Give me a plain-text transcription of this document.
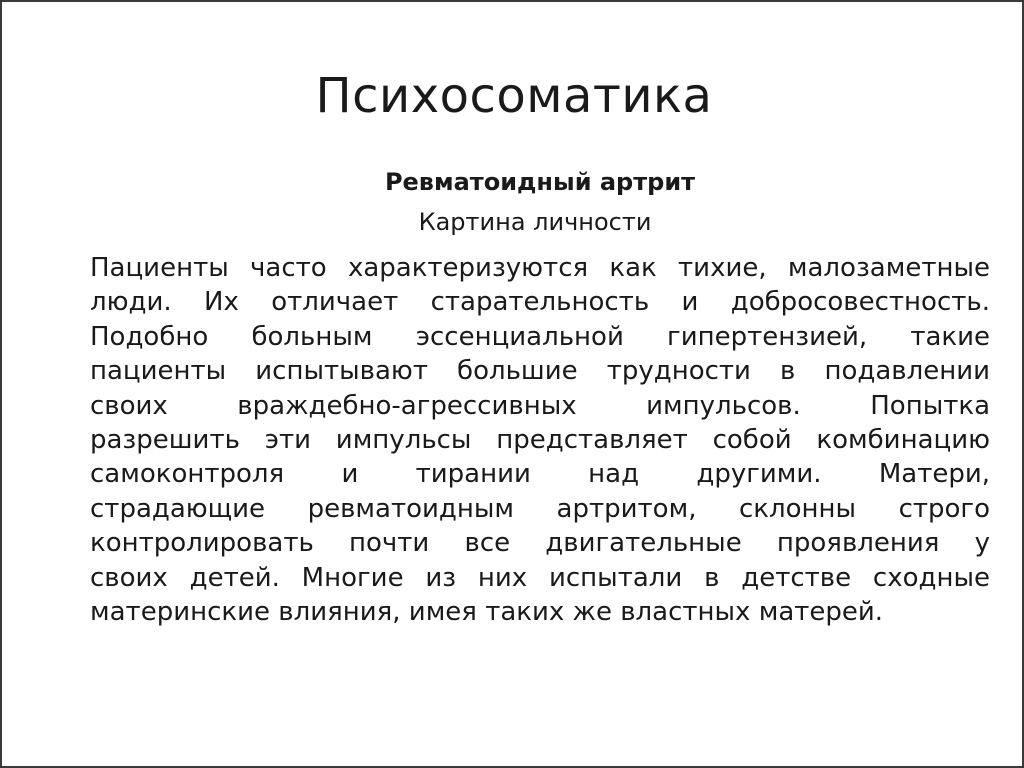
Психосоматика
Ревматоидный артрит
Картина личности
Пациенты часто характеризуются как тихие, малозаметные
люди. Их отличает старательность и добросовестность.
Подобно больным эссенциальной гипертензией, такие
пациенты испытывают большие трудности в подавлении
своих враждебно-агрессивных импульсов. Попытка
разрешить эти импульсы представляет собой комбинацию
самоконтроля и тирании над другими. Матери,
страдающие ревматоидным артритом, склонны строго
контролировать почти все двигательные проявления у
своих детей. Многие из них испытали в детстве сходные
материнские влияния, имея таких же властных матерей.
